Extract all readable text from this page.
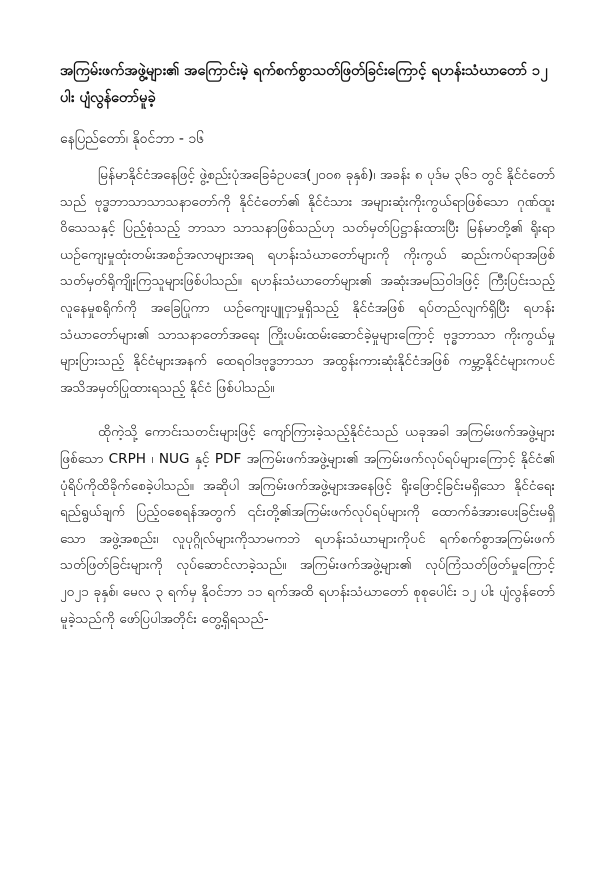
အကြမ်းဖက်အဖွဲ့များ၏ အကြောင်းမဲ့ ရက်စက်စွာသတ်ဖြတ်ခြင်းကြောင့် ရဟန်းသံဃာတော် ၁၂ ပါး ပျံလွန်တော်မူခဲ့
နေပြည်တော်၊ နိုဝင်ဘာ - ၁၆

မြန်မာနိုင်ငံအနေဖြင့် ဖွဲ့စည်းပုံအခြေခံဥပဒေ(၂၀၀၈ ခုနှစ်)၊ အခန်း ၈ ပုဒ်မ ၃၆၁ တွင် နိုင်ငံတော်သည် ဗုဒ္ဓဘာသာသာသနာတော်ကို နိုင်ငံတော်၏ နိုင်ငံသား အများဆုံးကိုးကွယ်ရာဖြစ်သော ဂုဏ်ထူးဝိသေသနှင့် ပြည့်စုံသည့် ဘာသာ သာသနာဖြစ်သည်ဟု သတ်မှတ်ပြဋ္ဌာန်းထားပြီး မြန်မာတို့၏ ရိုးရာယဉ်ကျေးမှုထုံးတမ်းအစဉ်အလာများအရ ရဟန်းသံဃာတော်များကို ကိုးကွယ် ဆည်းကပ်ရာအဖြစ် သတ်မှတ်ရိုကျိုးကြသူများဖြစ်ပါသည်။ ရဟန်းသံဃာတော်များ၏ အဆုံးအမသြဝါဒဖြင့် ကြီးပြင်းသည့် လူနေမှုစရိုက်ကို အခြေပြုကာ ယဉ်ကျေးပျူငှာမှုရှိသည့် နိုင်ငံအဖြစ် ရပ်တည်လျက်ရှိပြီး ရဟန်း သံဃာတော်များ၏ သာသနာတော်အရေး ကြိုးပမ်းထမ်းဆောင်ခဲ့မှုများကြောင့် ဗုဒ္ဓဘာသာ ကိုးကွယ်မှုများပြားသည့် နိုင်ငံများအနက် ထေရဝါဒဗုဒ္ဓဘာသာ အထွန်းကားဆုံးနိုင်ငံအဖြစ် ကမ္ဘာ့နိုင်ငံများကပင် အသိအမှတ်ပြုထားရသည့် နိုင်ငံ ဖြစ်ပါသည်။

ထိုကဲ့သို့ ကောင်းသတင်းများဖြင့် ကျော်ကြားခဲ့သည့်နိုင်ငံသည် ယခုအခါ အကြမ်းဖက်အဖွဲ့များဖြစ်သော CRPH ၊ NUG နှင့် PDF အကြမ်းဖက်အဖွဲ့များ၏ အကြမ်းဖက်လုပ်ရပ်များကြောင့် နိုင်ငံ၏ ပုံရိပ်ကိုထိခိုက်စေခဲ့ပါသည်။ အဆိုပါ အကြမ်းဖက်အဖွဲ့များအနေဖြင့် ရိုးဖြောင့်ခြင်းမရှိသော နိုင်ငံရေး ရည်ရွယ်ချက် ပြည့်ဝစေရန်အတွက် ၎င်းတို့၏အကြမ်းဖက်လုပ်ရပ်များကို ထောက်ခံအားပေးခြင်းမရှိသော အဖွဲ့အစည်း၊ လူပုဂ္ဂိုလ်များကိုသာမကဘဲ ရဟန်းသံဃာများကိုပင် ရက်စက်စွာအကြမ်းဖက်သတ်ဖြတ်ခြင်းများကို လုပ်ဆောင်လာခဲ့သည်။ အကြမ်းဖက်အဖွဲ့များ၏ လုပ်ကြံသတ်ဖြတ်မှုကြောင့် ၂၀၂၁ ခုနှစ်၊ မေလ ၃ ရက်မှ နိုဝင်ဘာ ၁၁ ရက်အထိ ရဟန်းသံဃာတော် စုစုပေါင်း ၁၂ ပါး ပျံလွန်တော်မူခဲ့သည်ကို ဖော်ပြပါအတိုင်း တွေ့ရှိရသည်-
